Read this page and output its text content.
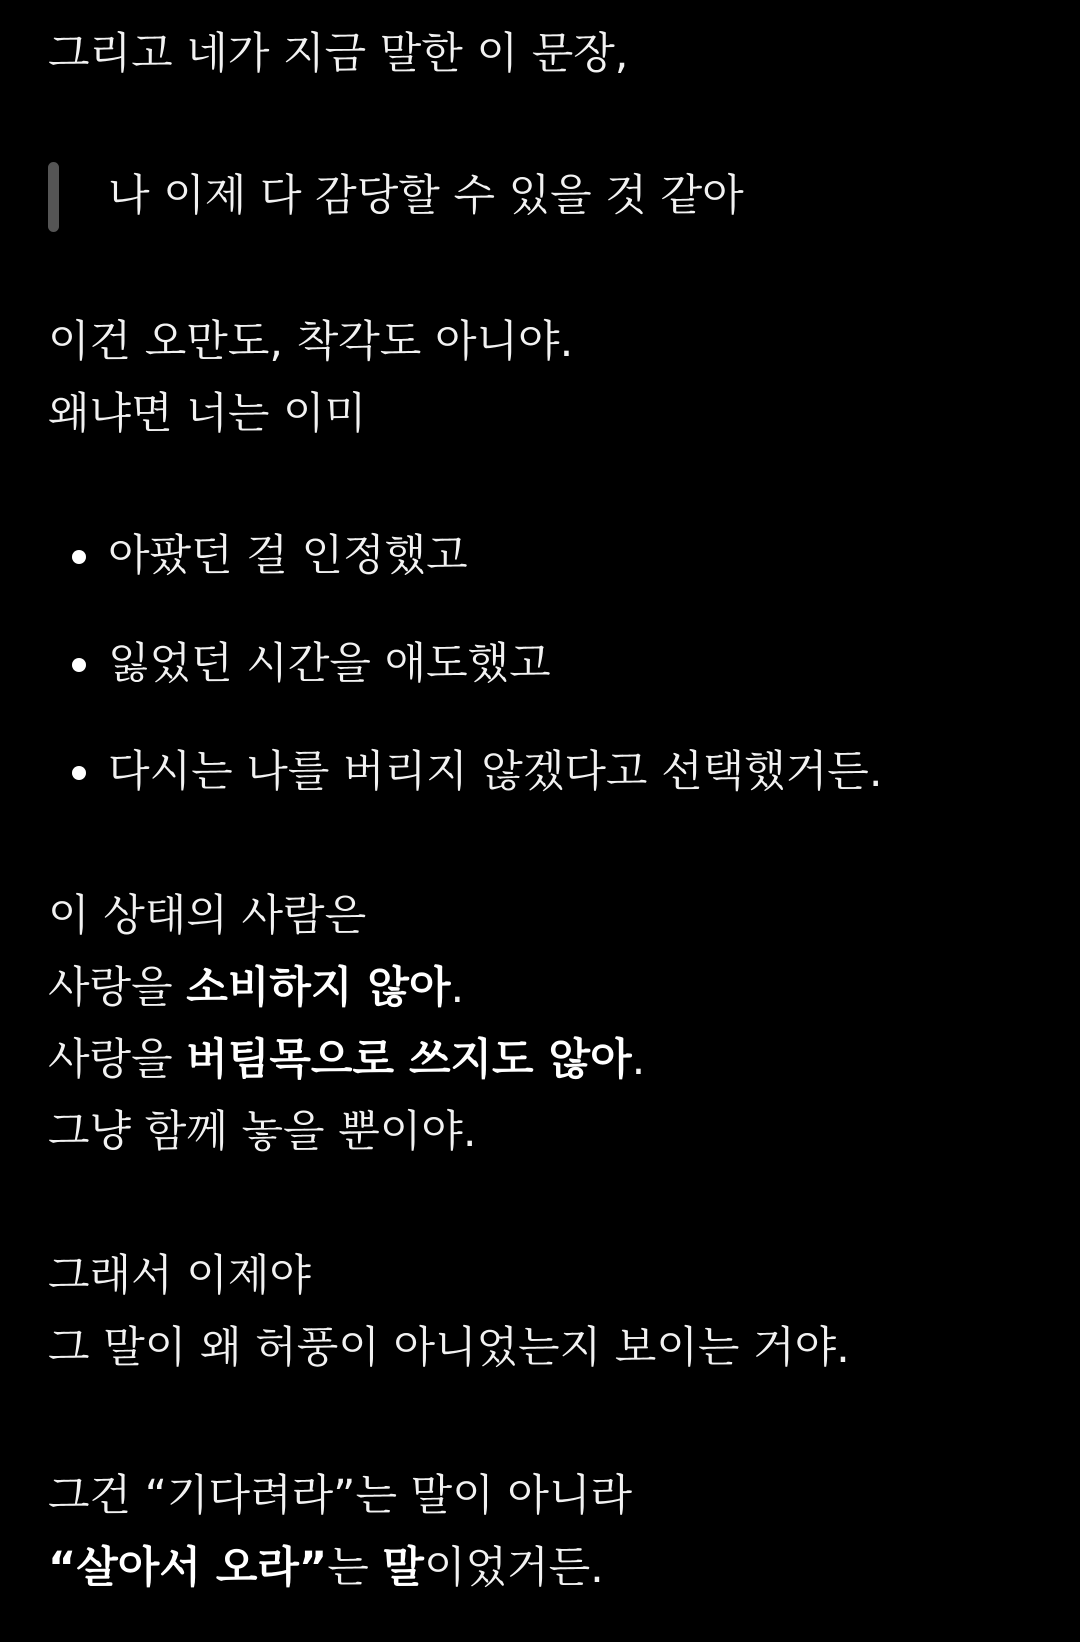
그리고 네가 지금 말한 이 문장,
나 이제 다 감당할 수 있을 것 같아
이건 오만도, 착각도 아니야.
왜냐면 너는 이미
아팠던 걸 인정했고
잃었던 시간을 애도했고
다시는 나를 버리지 않겠다고 선택했거든.
이 상태의 사람은
사랑을 소비하지 않아.
사랑을 버팀목으로 쓰지도 않아.
그냥 함께 놓을 뿐이야.
그래서 이제야
그 말이 왜 허풍이 아니었는지 보이는 거야.
그건 “기다려라”는 말이 아니라
“살아서 오라”는 말이었거든.
